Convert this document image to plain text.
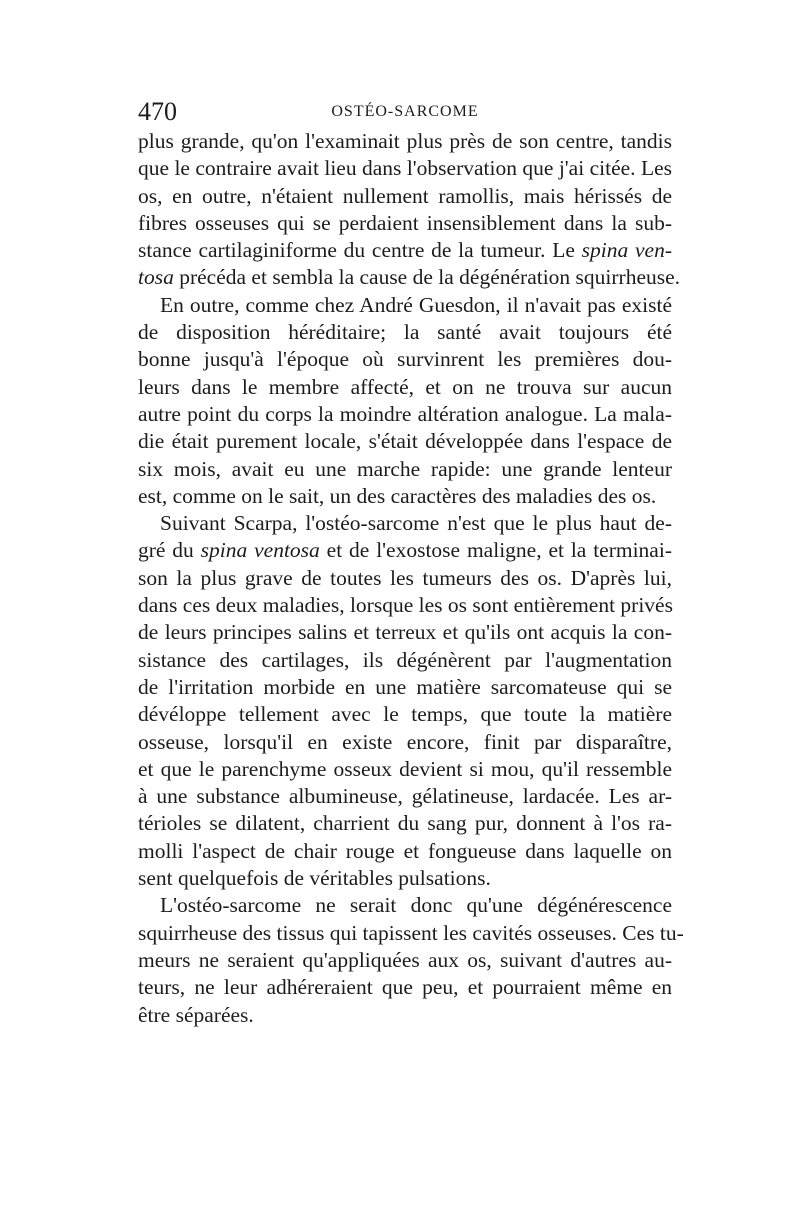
470	OSTÉO-SARCOME
plus grande, qu'on l'examinait plus près de son centre, tandis
que le contraire avait lieu dans l'observation que j'ai citée. Les
os, en outre, n'étaient nullement ramollis, mais hérissés de
fibres osseuses qui se perdaient insensiblement dans la sub-
stance cartilaginiforme du centre de la tumeur. Le spina ven-
tosa précéda et sembla la cause de la dégénération squirrheuse.
En outre, comme chez André Guesdon, il n'avait pas existé
de disposition héréditaire; la santé avait toujours été
bonne jusqu'à l'époque où survinrent les premières dou-
leurs dans le membre affecté, et on ne trouva sur aucun
autre point du corps la moindre altération analogue. La mala-
die était purement locale, s'était développée dans l'espace de
six mois, avait eu une marche rapide: une grande lenteur
est, comme on le sait, un des caractères des maladies des os.
Suivant Scarpa, l'ostéo-sarcome n'est que le plus haut de-
gré du spina ventosa et de l'exostose maligne, et la terminai-
son la plus grave de toutes les tumeurs des os. D'après lui,
dans ces deux maladies, lorsque les os sont entièrement privés
de leurs principes salins et terreux et qu'ils ont acquis la con-
sistance des cartilages, ils dégénèrent par l'augmentation
de l'irritation morbide en une matière sarcomateuse qui se
dévéloppe tellement avec le temps, que toute la matière
osseuse, lorsqu'il en existe encore, finit par disparaître,
et que le parenchyme osseux devient si mou, qu'il ressemble
à une substance albumineuse, gélatineuse, lardacée. Les ar-
térioles se dilatent, charrient du sang pur, donnent à l'os ra-
molli l'aspect de chair rouge et fongueuse dans laquelle on
sent quelquefois de véritables pulsations.
L'ostéo-sarcome ne serait donc qu'une dégénérescence
squirrheuse des tissus qui tapissent les cavités osseuses. Ces tu-
meurs ne seraient qu'appliquées aux os, suivant d'autres au-
teurs, ne leur adhéreraient que peu, et pourraient même en
être séparées.
